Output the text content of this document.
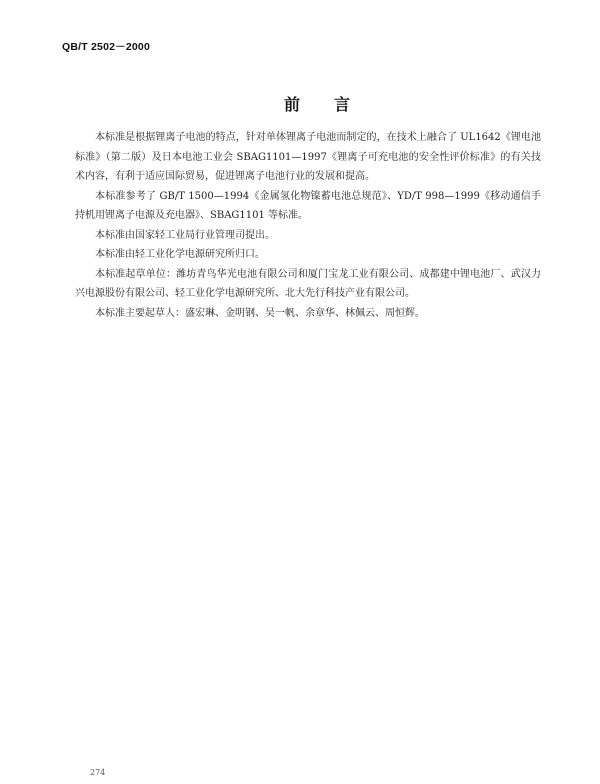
QB/T 2502－2000
前言

本标准是根据锂离子电池的特点，针对单体锂离子电池而制定的，在技术上融合了 UL1642《锂电池标准》（第二版）及日本电池工业会 SBAG1101—1997《锂离子可充电池的安全性评价标准》的有关技术内容，有利于适应国际贸易，促进锂离子电池行业的发展和提高。

本标准参考了 GB/T 1500—1994《金属氢化物镍蓄电池总规范》、YD/T 998—1999《移动通信手持机用锂离子电源及充电器》、SBAG1101 等标准。

本标准由国家轻工业局行业管理司提出。

本标准由轻工业化学电源研究所归口。

本标准起草单位：潍坊青鸟华光电池有限公司和厦门宝龙工业有限公司、成都建中锂电池厂、武汉力兴电源股份有限公司、轻工业化学电源研究所、北大先行科技产业有限公司。

本标准主要起草人：盛宏琳、金明钢、吴一帆、余章华、林佩云、周恒辉。

274
